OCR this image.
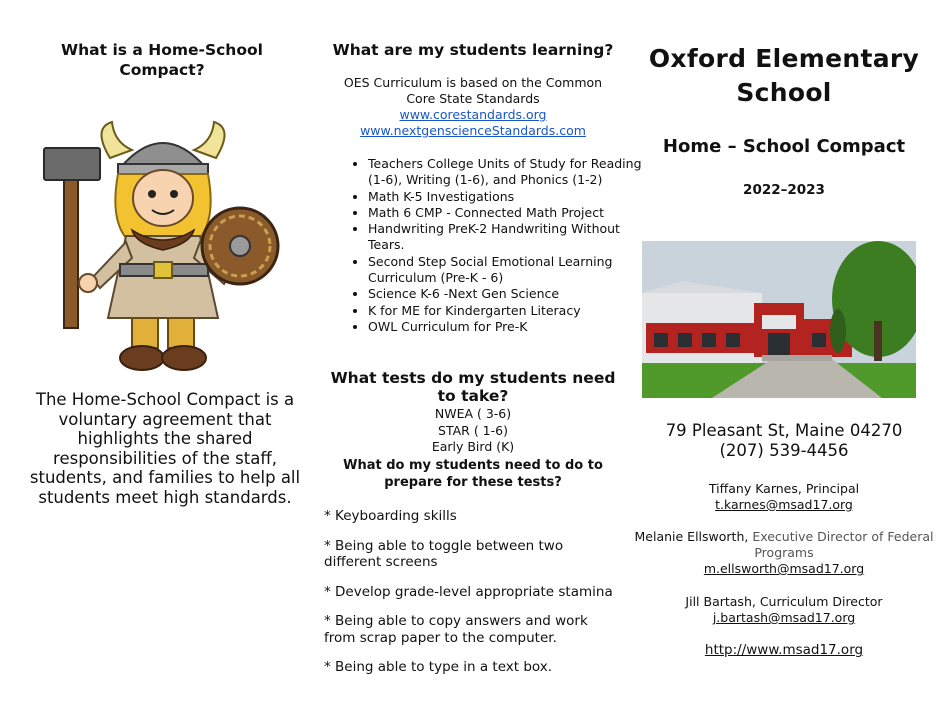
What is a Home-School Compact?
The Home-School Compact is a voluntary agreement that highlights the shared responsibilities of the staff, students, and families to help all students meet high standards.
What are my students learning?
OES Curriculum is based on the Common
Core State Standards
www.corestandards.org
www.nextgenscienceStandards.com
• Teachers College Units of Study for Reading (1-6), Writing (1-6), and Phonics (1-2)
• Math K-5 Investigations
• Math 6 CMP - Connected Math Project
• Handwriting PreK-2 Handwriting Without Tears.
• Second Step Social Emotional Learning Curriculum (Pre-K - 6)
• Science K-6 -Next Gen Science
• K for ME for Kindergarten Literacy
• OWL Curriculum for Pre-K
What tests do my students need to take?
NWEA ( 3-6)
STAR ( 1-6)
Early Bird (K)
What do my students need to do to prepare for these tests?
* Keyboarding skills
* Being able to toggle between two different screens
* Develop grade-level appropriate stamina
* Being able to copy answers and work from scrap paper to the computer.
* Being able to type in a text box.
Oxford Elementary
School
Home – School Compact
2022–2023
79 Pleasant St, Maine 04270
(207) 539-4456
Tiffany Karnes, Principal
t.karnes@msad17.org
Melanie Ellsworth, Executive Director of Federal Programs
m.ellsworth@msad17.org
Jill Bartash, Curriculum Director
j.bartash@msad17.org
http://www.msad17.org
